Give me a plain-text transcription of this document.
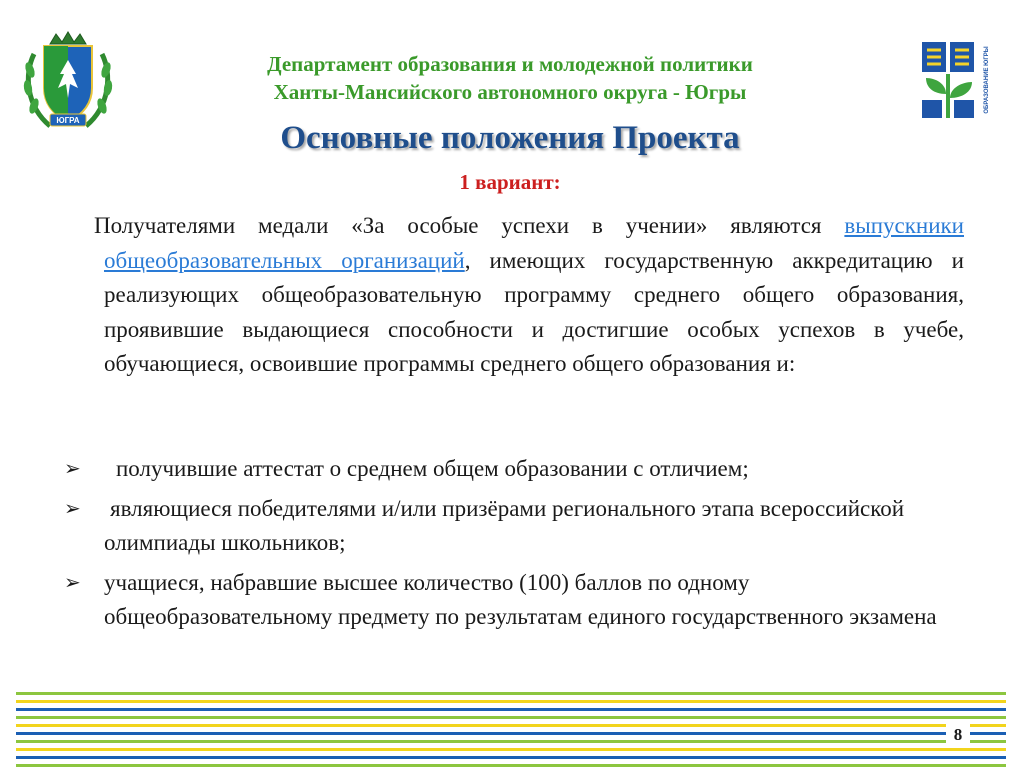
ЮГРА
ОБРАЗОВАНИЕ ЮГРЫ
Департамент образования и молодежной политики
Ханты-Мансийского автономного округа - Югры
Основные положения Проекта
1 вариант:
Получателями медали «За особые успехи в учении» являются выпускники общеобразовательных организаций, имеющих государственную аккредитацию и реализующих общеобразовательную программу среднего общего образования, проявившие выдающиеся способности и достигшие особых успехов в учебе, обучающиеся, освоившие программы среднего общего образования и:
➢	получившие аттестат о среднем общем образовании с отличием;
➢	являющиеся победителями и/или призёрами регионального этапа всероссийской олимпиады школьников;
➢	учащиеся, набравшие высшее количество (100) баллов по одному общеобразовательному предмету по результатам единого государственного экзамена
8
